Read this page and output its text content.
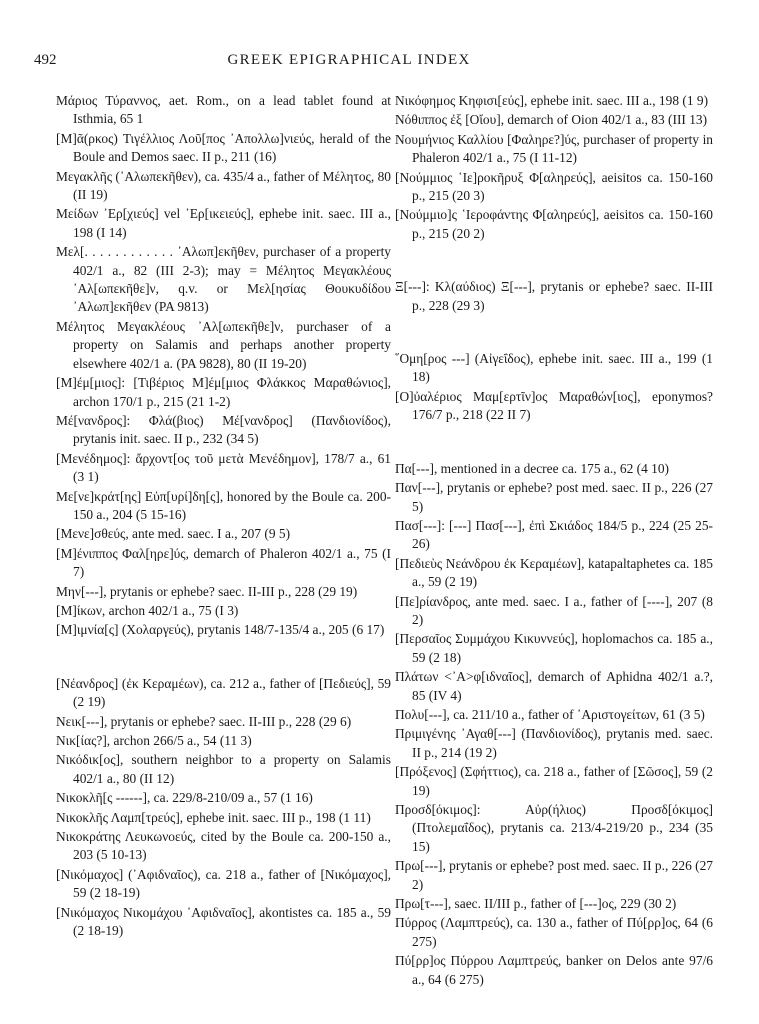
492	GREEK EPIGRAPHICAL INDEX

Μάριος Τύραννος, aet. Rom., on a lead tablet found at Isthmia, 65 1

[Μ]ᾶ(ρκος) Τιγέλλιος Λοῦ[πος ᾿Απολλω]νιεύς, herald of the Boule and Demos saec. II p., 211 (16)

Μεγακλῆς (᾿Αλωπεκῆθεν), ca. 435/4 a., father of Μέλητος, 80 (II 19)

Μείδων ᾿Ερ[χιεύς] vel ᾿Ερ[ικειεύς], ephebe init. saec. III a., 198 (I 14)

Μελ[. . . . . . . . . . . . ᾿Αλωπ]εκῆθεν, purchaser of a property 402/1 a., 82 (III 2-3); may = Μέλητος Μεγακλέους ᾿Αλ[ωπεκῆθε]ν, q.v. or Μελ[ησίας Θουκυδίδου ᾿Αλωπ]εκῆθεν (PA 9813)

Μέλητος Μεγακλέους ᾿Αλ[ωπεκῆθε]ν, purchaser of a property on Salamis and perhaps another property elsewhere 402/1 a. (PA 9828), 80 (II 19-20)

[Μ]έμ[μιος]: [Τιβέριος Μ]έμ[μιος Φλάκκος Μαραθώνιος], archon 170/1 p., 215 (21 1-2)

Μέ[νανδρος]: Φλά(βιος) Μέ[νανδρος] (Πανδιονίδος), prytanis init. saec. II p., 232 (34 5)

[Μενέδημος]: ἄρχοντ[ος τοῦ μετὰ Μενέδημον], 178/7 a., 61 (3 1)

Με[νε]κράτ[ης] Εὐπ[υρί]δη[ς], honored by the Boule ca. 200-150 a., 204 (5 15-16)

[Μενε]σθεύς, ante med. saec. I a., 207 (9 5)

[Μ]ένιππος Φαλ[ηρε]ύς, demarch of Phaleron 402/1 a., 75 (I 7)

Μην[---], prytanis or ephebe? saec. II-III p., 228 (29 19)

[Μ]ίκων, archon 402/1 a., 75 (I 3)

[Μ]ιμνία[ς] (Χολαργεύς), prytanis 148/7-135/4 a., 205 (6 17)

[Νέανδρος] (ἐκ Κεραμέων), ca. 212 a., father of [Πεδιεύς], 59 (2 19)

Νεικ[---], prytanis or ephebe? saec. II-III p., 228 (29 6)

Νικ[ίας?], archon 266/5 a., 54 (11 3)

Νικόδικ[ος], southern neighbor to a property on Salamis 402/1 a., 80 (II 12)

Νικοκλῆ[ς ------], ca. 229/8-210/09 a., 57 (1 16)

Νικοκλῆς Λαμπ[τρεύς], ephebe init. saec. III p., 198 (1 11)

Νικοκράτης Λευκωνοεύς, cited by the Boule ca. 200-150 a., 203 (5 10-13)

[Νικόμαχος] (᾿Αφιδναῖος), ca. 218 a., father of [Νικόμαχος], 59 (2 18-19)

[Νικόμαχος Νικομάχου ᾿Αφιδναῖος], akontistes ca. 185 a., 59 (2 18-19)

Νικόφημος Κηφισι[εύς], ephebe init. saec. III a., 198 (1 9)

Νόθιππος ἐξ [Οἴου], demarch of Oion 402/1 a., 83 (III 13)

Νουμήνιος Καλλίου [Φαληρε?]ύς, purchaser of property in Phaleron 402/1 a., 75 (I 11-12)

[Νούμμιος ῾Ιε]ροκῆρυξ Φ[αληρεύς], aeisitos ca. 150-160 p., 215 (20 3)

[Νούμμιο]ς ῾Ιεροφάντης Φ[αληρεύς], aeisitos ca. 150-160 p., 215 (20 2)

Ξ[---]: Κλ(αύδιος) Ξ[---], prytanis or ephebe? saec. II-III p., 228 (29 3)

῞Ομη[ρος ---] (Αἰγεΐδος), ephebe init. saec. III a., 199 (1 18)

[Ο]ὐαλέριος Μαμ[ερτῖν]ος Μαραθών[ιος], eponymos? 176/7 p., 218 (22 II 7)

Πα[---], mentioned in a decree ca. 175 a., 62 (4 10)

Παν[---], prytanis or ephebe? post med. saec. II p., 226 (27 5)

Πασ[---]: [---] Πασ[---], ἐπὶ Σκιάδος 184/5 p., 224 (25 25-26)

[Πεδιεὺς Νεάνδρου ἐκ Κεραμέων], katapaltaphetes ca. 185 a., 59 (2 19)

[Πε]ρίανδρος, ante med. saec. I a., father of [----], 207 (8 2)

[Περσαῖος Συμμάχου Κικυννεύς], hoplomachos ca. 185 a., 59 (2 18)

Πλάτων <᾿Α>φ[ιδναῖος], demarch of Aphidna 402/1 a.?, 85 (IV 4)

Πολυ[---], ca. 211/10 a., father of ᾿Αριστογείτων, 61 (3 5)

Πριμιγένης ᾿Αγαθ[---] (Πανδιονίδος), prytanis med. saec. II p., 214 (19 2)

[Πρόξενος] (Σφήττιος), ca. 218 a., father of [Σῶσος], 59 (2 19)

Προσδ[όκιμος]: Αὐρ(ήλιος) Προσδ[όκιμος] (Πτολεμαΐδος), prytanis ca. 213/4-219/20 p., 234 (35 15)

Πρω[---], prytanis or ephebe? post med. saec. II p., 226 (27 2)

Πρω[τ---], saec. II/III p., father of [---]ος, 229 (30 2)

Πύρρος (Λαμπτρεύς), ca. 130 a., father of Πύ[ρρ]ος, 64 (6 275)

Πύ[ρρ]ος Πύρρου Λαμπτρεύς, banker on Delos ante 97/6 a., 64 (6 275)
